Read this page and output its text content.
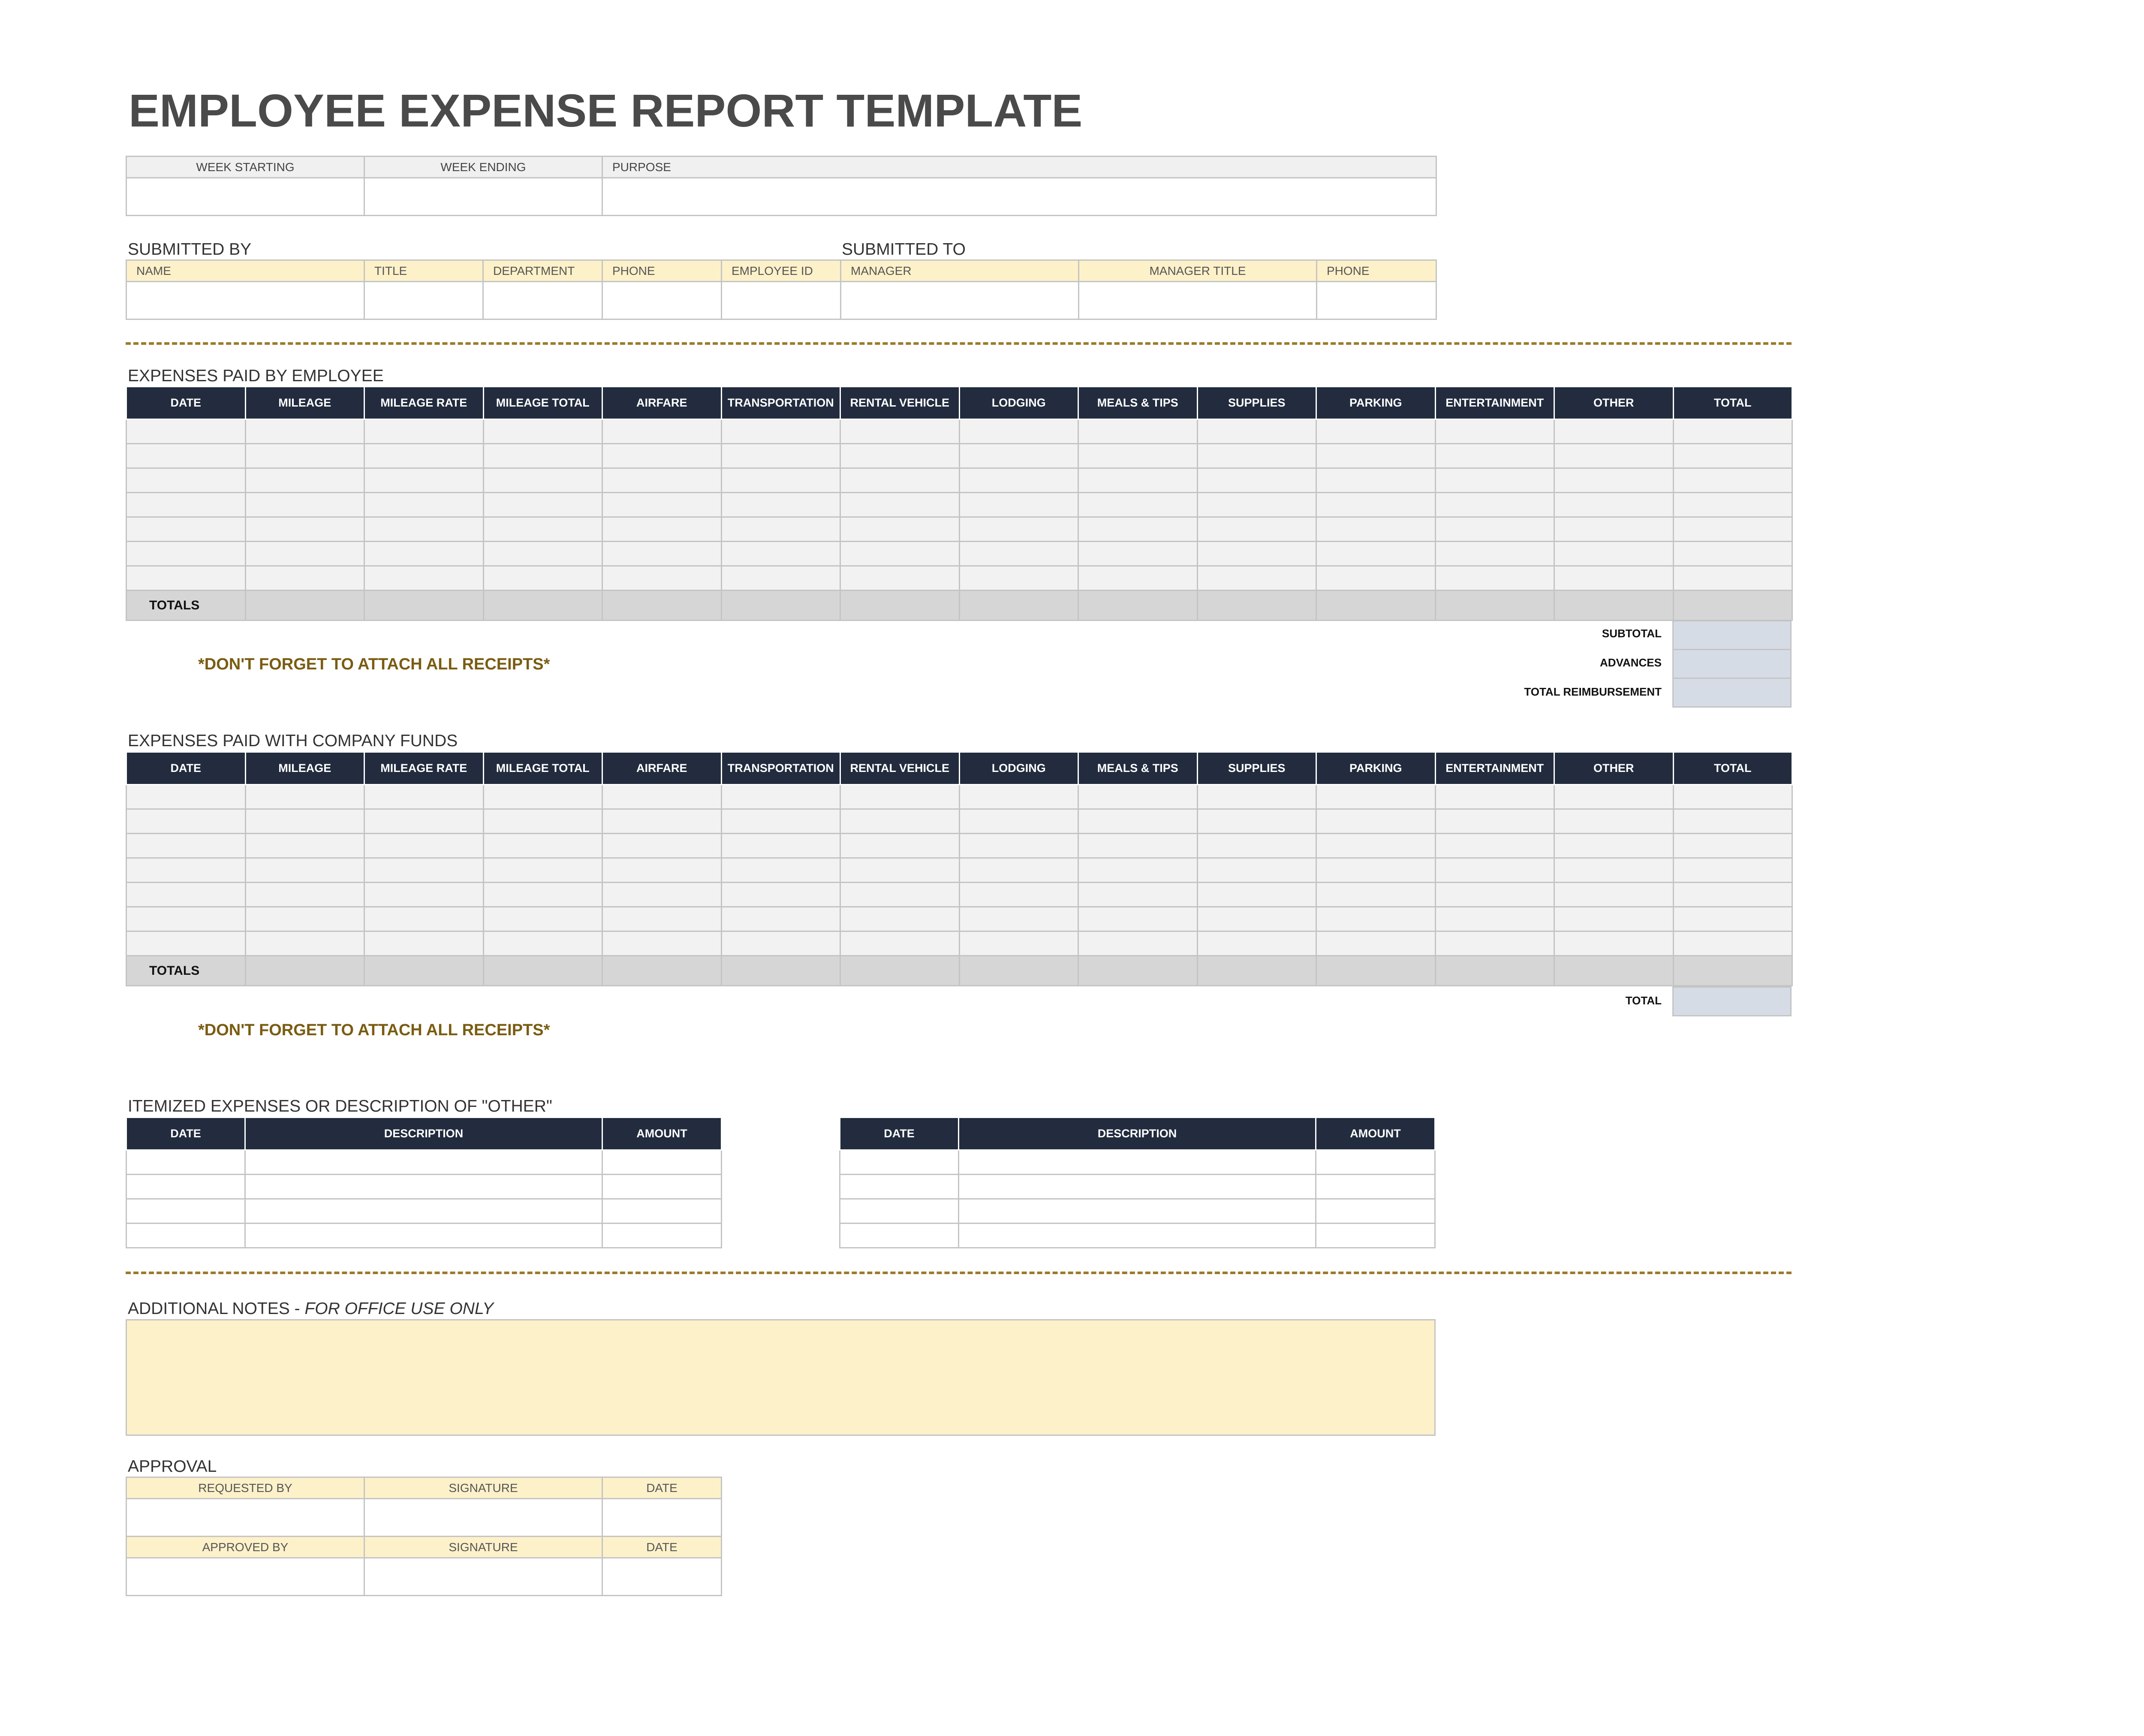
EMPLOYEE EXPENSE REPORT TEMPLATE
WEEK STARTING	WEEK ENDING	PURPOSE

SUBMITTED BY	SUBMITTED TO
NAME	TITLE	DEPARTMENT	PHONE	EMPLOYEE ID	MANAGER	MANAGER TITLE	PHONE

EXPENSES PAID BY EMPLOYEE
DATE	MILEAGE	MILEAGE RATE	MILEAGE TOTAL	AIRFARE	TRANSPORTATION	RENTAL VEHICLE	LODGING	MEALS & TIPS	SUPPLIES	PARKING	ENTERTAINMENT	OTHER	TOTAL

TOTALS													
*DON'T FORGET TO ATTACH ALL RECEIPTS*
SUBTOTAL
ADVANCES
TOTAL REIMBURSEMENT
EXPENSES PAID WITH COMPANY FUNDS
DATE	MILEAGE	MILEAGE RATE	MILEAGE TOTAL	AIRFARE	TRANSPORTATION	RENTAL VEHICLE	LODGING	MEALS & TIPS	SUPPLIES	PARKING	ENTERTAINMENT	OTHER	TOTAL

TOTALS													
TOTAL
*DON'T FORGET TO ATTACH ALL RECEIPTS*
ITEMIZED EXPENSES OR DESCRIPTION OF "OTHER"
DATE	DESCRIPTION	AMOUNT

			DATE	DESCRIPTION	AMOUNT

ADDITIONAL NOTES - FOR OFFICE USE ONLY
APPROVAL
REQUESTED BY	SIGNATURE	DATE

APPROVED BY	SIGNATURE	DATE
